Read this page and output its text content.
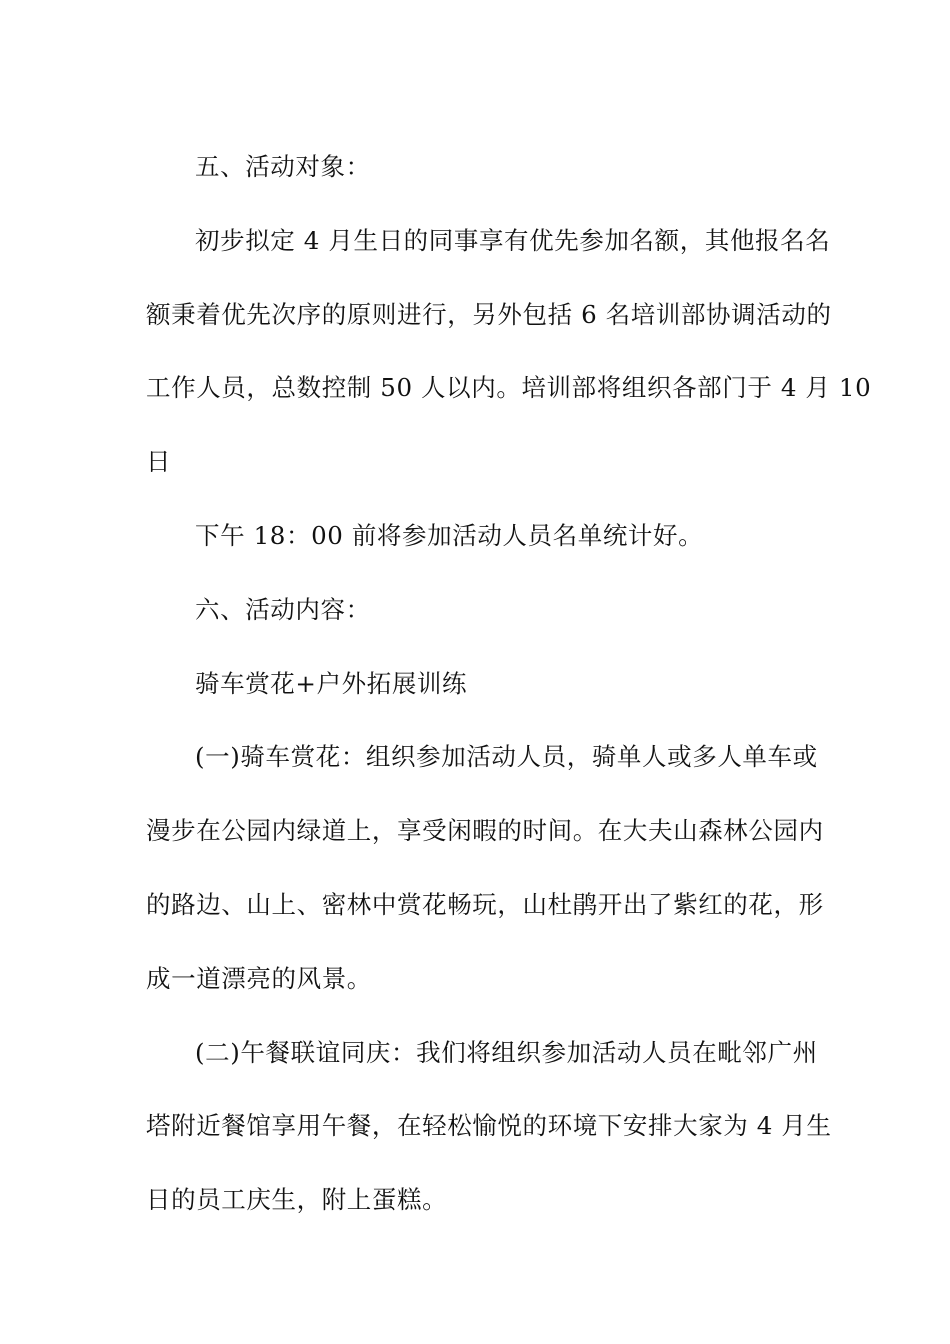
五、活动对象：

初步拟定 4 月生日的同事享有优先参加名额，其他报名名
额秉着优先次序的原则进行，另外包括 6 名培训部协调活动的
工作人员，总数控制 50 人以内。培训部将组织各部门于 4 月 10
日

下午 18：00 前将参加活动人员名单统计好。

六、活动内容：

骑车赏花+户外拓展训练

(一)骑车赏花：组织参加活动人员，骑单人或多人单车或
漫步在公园内绿道上，享受闲暇的时间。在大夫山森林公园内
的路边、山上、密林中赏花畅玩，山杜鹃开出了紫红的花，形
成一道漂亮的风景。

(二)午餐联谊同庆：我们将组织参加活动人员在毗邻广州
塔附近餐馆享用午餐，在轻松愉悦的环境下安排大家为 4 月生
日的员工庆生，附上蛋糕。
